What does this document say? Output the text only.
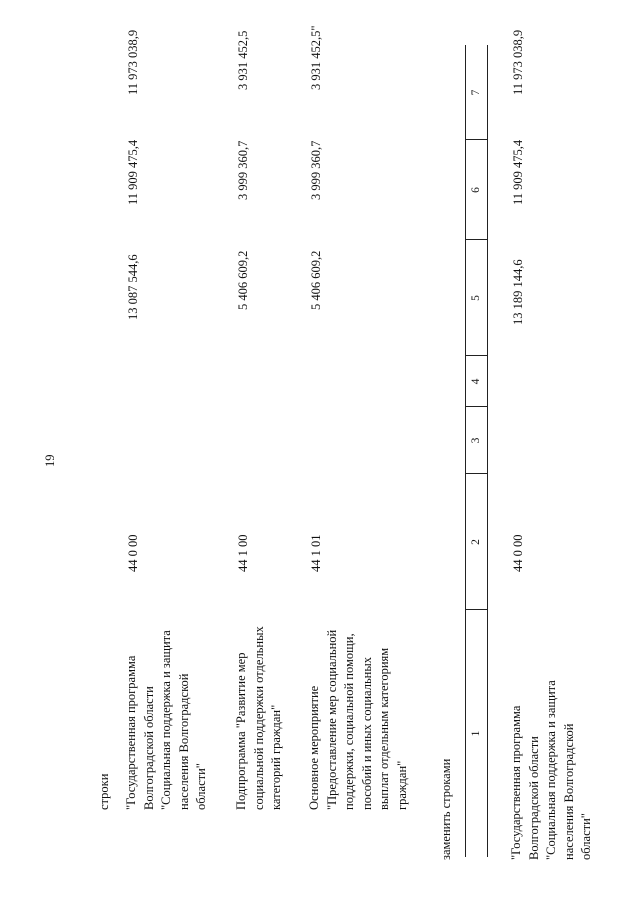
19
строки "Государственная программа Волгоградской области "Социальная поддержка и защита населения Волгоградской области"
44 0 00
13 087 544,6
11 909 475,4
11 973 038,9
Подпрограмма "Развитие мер социальной поддержки отдельных категорий граждан"
44 1 00
5 406 609,2
3 999 360,7
3 931 452,5
Основное мероприятие "Предоставление мер социальной поддержки, социальной помощи, пособий и иных социальных выплат отдельным категориям граждан"
44 1 01
5 406 609,2
3 999 360,7
3 931 452,5"
заменить строками
1
2
3
4
5
6
7
"Государственная программа Волгоградской области "Социальная поддержка и защита населения Волгоградской области"
44 0 00
13 189 144,6
11 909 475,4
11 973 038,9
